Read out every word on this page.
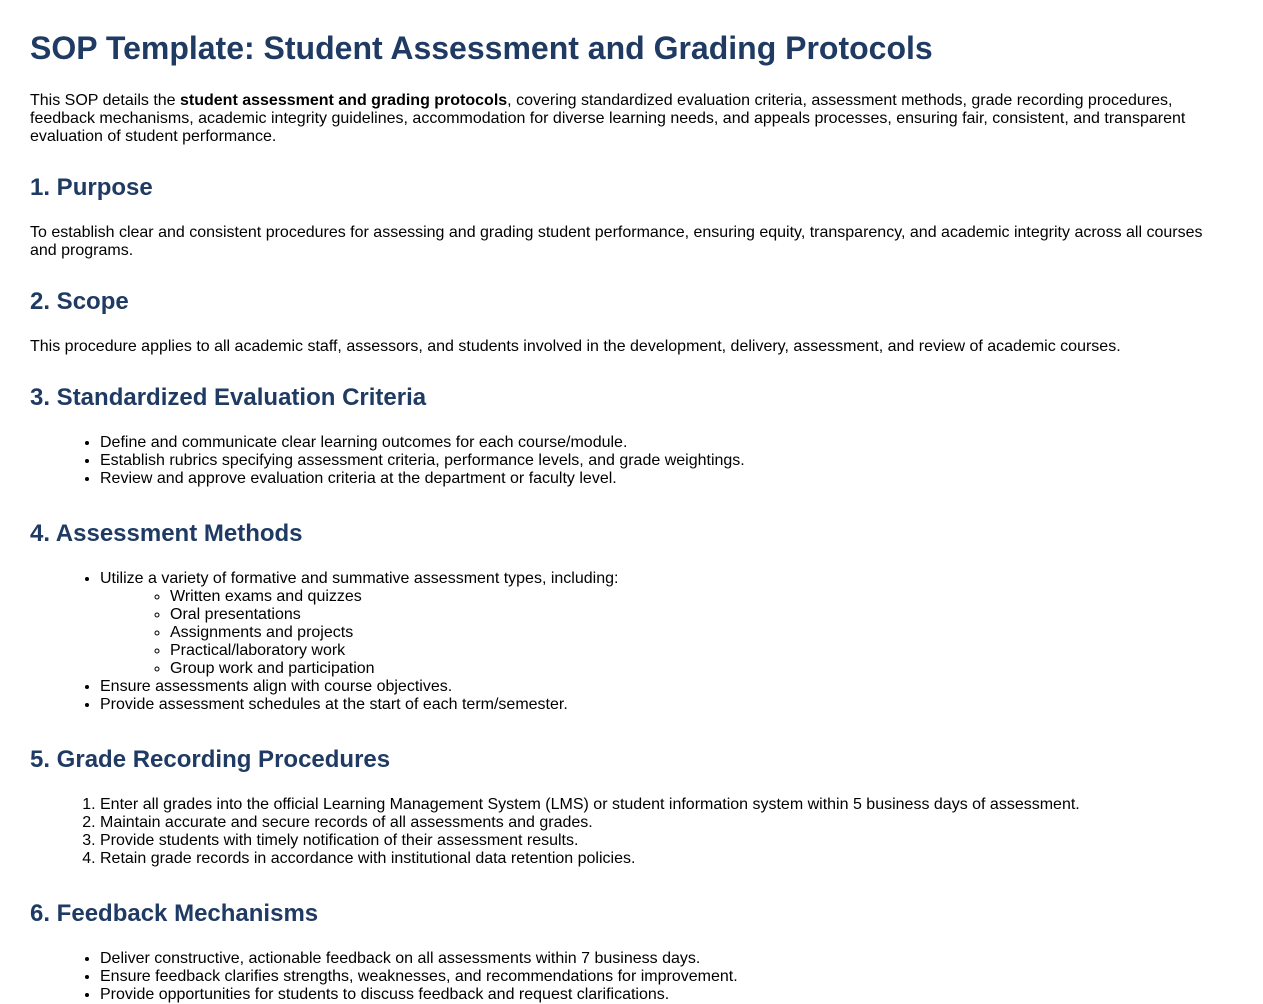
SOP Template: Student Assessment and Grading Protocols

This SOP details the student assessment and grading protocols, covering standardized evaluation criteria, assessment methods, grade recording procedures, feedback mechanisms, academic integrity guidelines, accommodation for diverse learning needs, and appeals processes, ensuring fair, consistent, and transparent evaluation of student performance.

1. Purpose

To establish clear and consistent procedures for assessing and grading student performance, ensuring equity, transparency, and academic integrity across all courses and programs.

2. Scope

This procedure applies to all academic staff, assessors, and students involved in the development, delivery, assessment, and review of academic courses.

3. Standardized Evaluation Criteria
• Define and communicate clear learning outcomes for each course/module.
• Establish rubrics specifying assessment criteria, performance levels, and grade weightings.
• Review and approve evaluation criteria at the department or faculty level.
4. Assessment Methods
• Utilize a variety of formative and summative assessment types, including:
◦ Written exams and quizzes
◦ Oral presentations
◦ Assignments and projects
◦ Practical/laboratory work
◦ Group work and participation
• Ensure assessments align with course objectives.
• Provide assessment schedules at the start of each term/semester.
5. Grade Recording Procedures
1. Enter all grades into the official Learning Management System (LMS) or student information system within 5 business days of assessment.
2. Maintain accurate and secure records of all assessments and grades.
3. Provide students with timely notification of their assessment results.
4. Retain grade records in accordance with institutional data retention policies.
6. Feedback Mechanisms
• Deliver constructive, actionable feedback on all assessments within 7 business days.
• Ensure feedback clarifies strengths, weaknesses, and recommendations for improvement.
• Provide opportunities for students to discuss feedback and request clarifications.
